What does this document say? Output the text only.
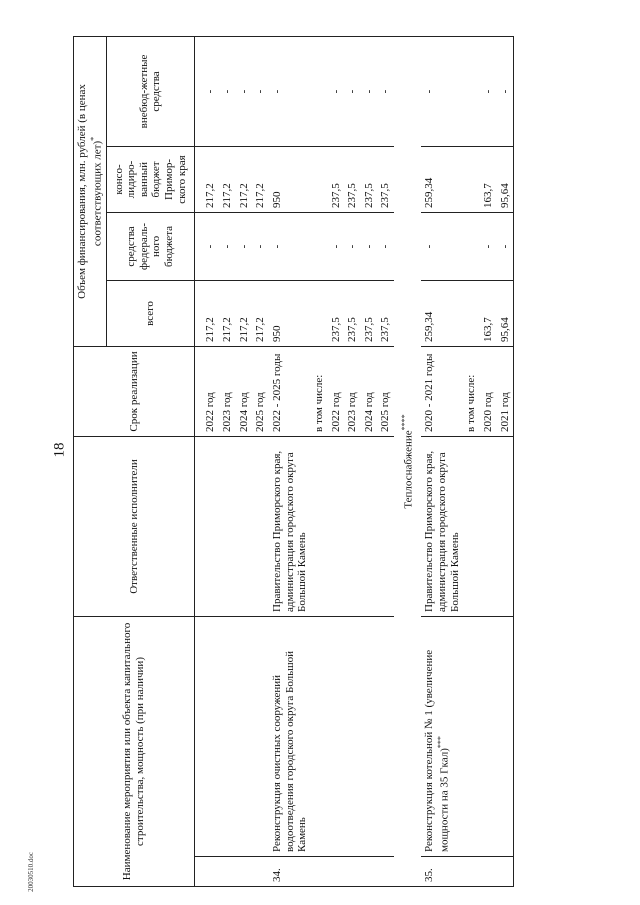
18
20030510.doc	Наименование мероприятия или объекта капитального строительства, мощность (при наличии)		Ответственные исполнители	Срок реализации	Объем финансирования, млн. рублей (в ценах соответствующих лет)*
				всего	средства федераль-ного бюджета	консо-лидиро-ванный бюджет Примор-ского края	внебюд-жетные средства

			2022 год	217,2	-	217,2	-
			2023 год	217,2	-	217,2	-
			2024 год	217,2	-	217,2	-
			2025 год	217,2	-	217,2	-
34.	Реконструкция очистных сооружений водоотведения городского округа Большой Камень	Правительство Приморского края, администрация городского округа Большой Камень	2022 - 2025 годы	950	-	950	-
			в том числе:				
			2022 год	237,5	-	237,5	-
			2023 год	237,5	-	237,5	-
			2024 год	237,5	-	237,5	-
			2025 год	237,5	-	237,5	-
Теплоснабжение****
35.	Реконструкция котельной № 1 (увеличение мощности на 35 Гкал)***	Правительство Приморского края, администрация городского округа Большой Камень	2020 - 2021 годы	259,34	-	259,34	-
			в том числе:				
			2020 год	163,7	-	163,7	-
			2021 год	95,64	-	95,64	-
